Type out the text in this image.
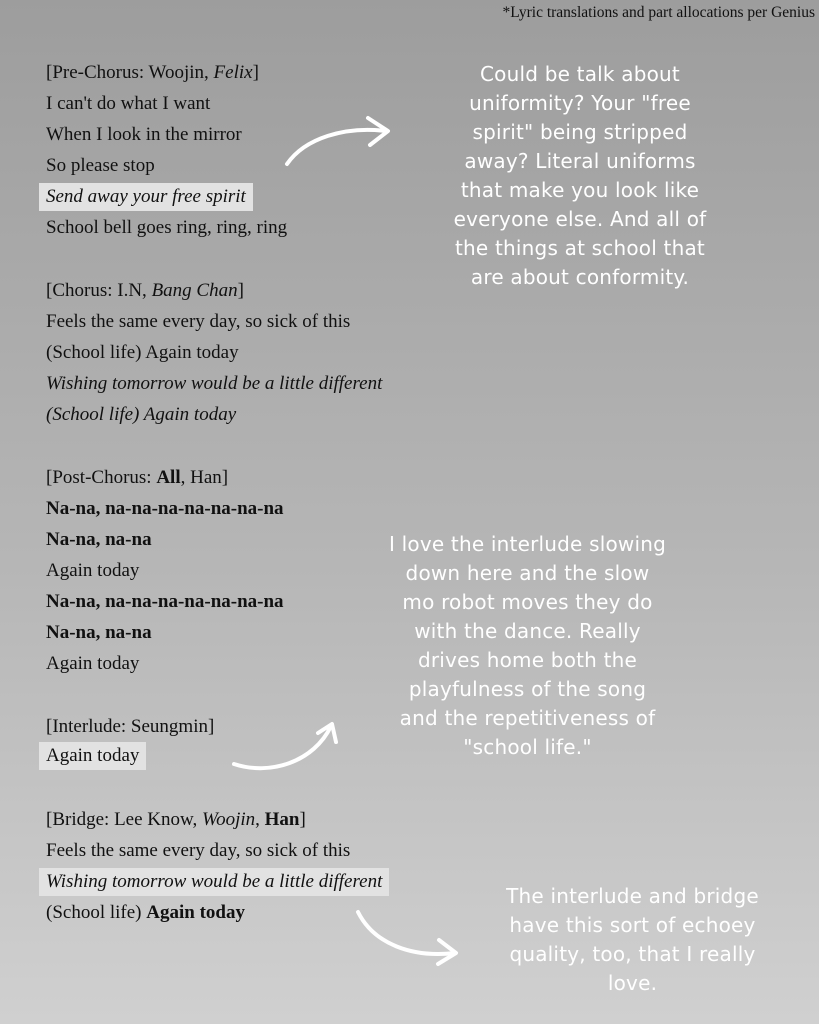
*Lyric translations and part allocations per Genius
[Pre-Chorus: Woojin, Felix]
I can't do what I want
When I look in the mirror
So please stop
Send away your free spirit
School bell goes ring, ring, ring
[Chorus: I.N, Bang Chan]
Feels the same every day, so sick of this
(School life) Again today
Wishing tomorrow would be a little different
(School life) Again today
[Post-Chorus: All, Han]
Na-na, na-na-na-na-na-na-na
Na-na, na-na
Again today
Na-na, na-na-na-na-na-na-na
Na-na, na-na
Again today
[Interlude: Seungmin]
Again today
[Bridge: Lee Know, Woojin, Han]
Feels the same every day, so sick of this
Wishing tomorrow would be a little different
(School life) Again today
Could be talk about
uniformity? Your "free
spirit" being stripped
away? Literal uniforms
that make you look like
everyone else. And all of
the things at school that
are about conformity.
I love the interlude slowing
down here and the slow
mo robot moves they do
with the dance. Really
drives home both the
playfulness of the song
and the repetitiveness of
"school life."
The interlude and bridge
have this sort of echoey
quality, too, that I really
love.
